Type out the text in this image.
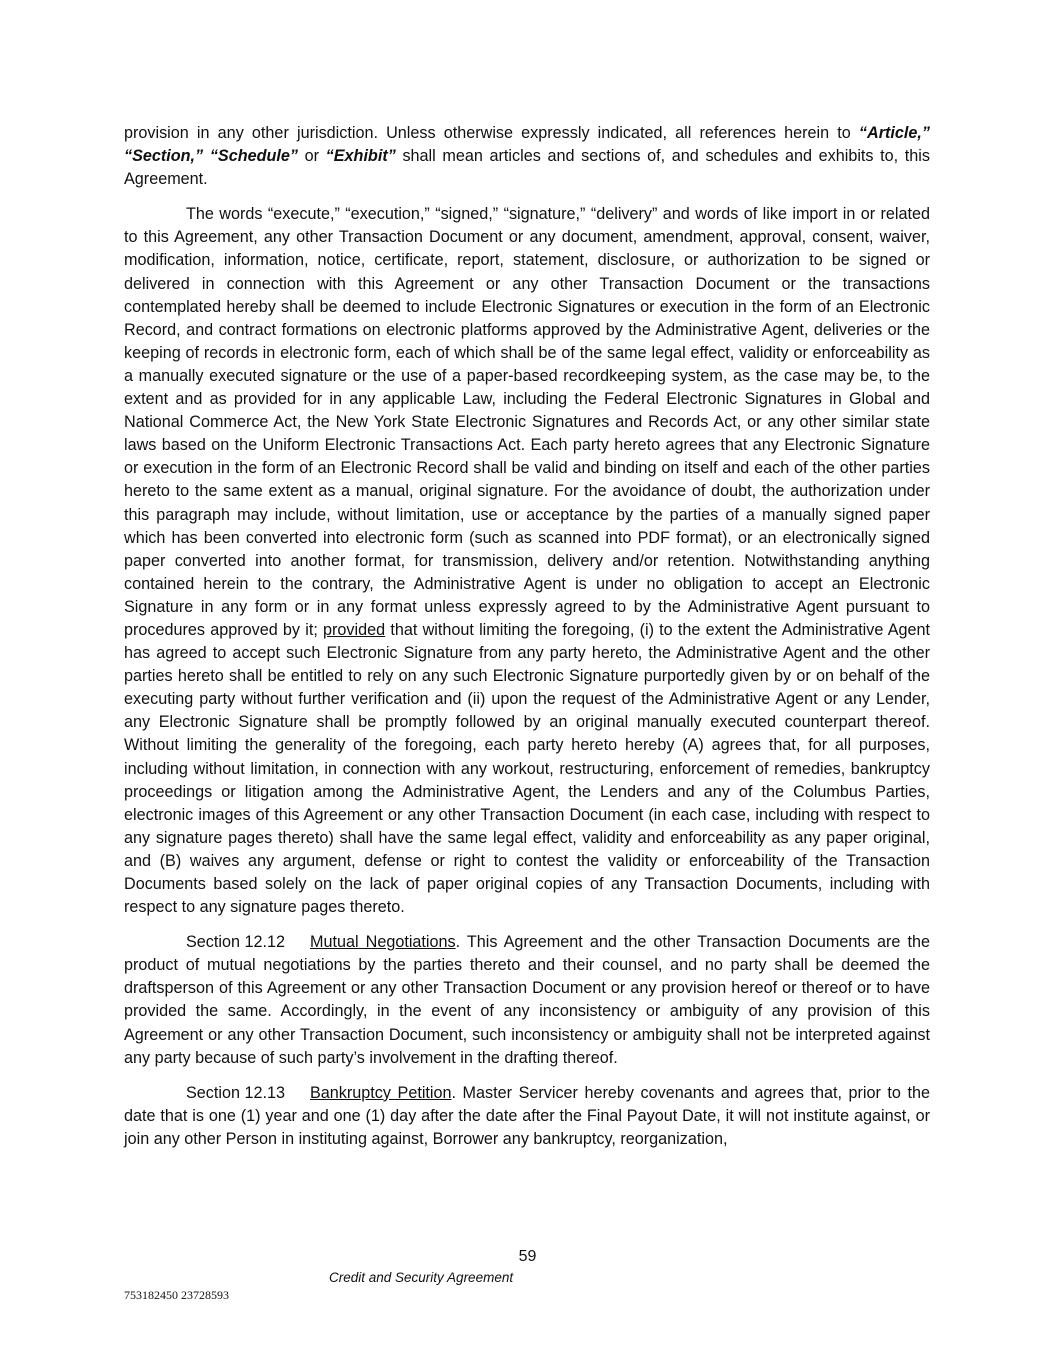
provision in any other jurisdiction. Unless otherwise expressly indicated, all references herein to “Article,” “Section,” “Schedule” or “Exhibit” shall mean articles and sections of, and schedules and exhibits to, this Agreement.

The words “execute,” “execution,” “signed,” “signature,” “delivery” and words of like import in or related to this Agreement, any other Transaction Document or any document, amendment, approval, consent, waiver, modification, information, notice, certificate, report, statement, disclosure, or authorization to be signed or delivered in connection with this Agreement or any other Transaction Document or the transactions contemplated hereby shall be deemed to include Electronic Signatures or execution in the form of an Electronic Record, and contract formations on electronic platforms approved by the Administrative Agent, deliveries or the keeping of records in electronic form, each of which shall be of the same legal effect, validity or enforceability as a manually executed signature or the use of a paper-based recordkeeping system, as the case may be, to the extent and as provided for in any applicable Law, including the Federal Electronic Signatures in Global and National Commerce Act, the New York State Electronic Signatures and Records Act, or any other similar state laws based on the Uniform Electronic Transactions Act. Each party hereto agrees that any Electronic Signature or execution in the form of an Electronic Record shall be valid and binding on itself and each of the other parties hereto to the same extent as a manual, original signature. For the avoidance of doubt, the authorization under this paragraph may include, without limitation, use or acceptance by the parties of a manually signed paper which has been converted into electronic form (such as scanned into PDF format), or an electronically signed paper converted into another format, for transmission, delivery and/or retention. Notwithstanding anything contained herein to the contrary, the Administrative Agent is under no obligation to accept an Electronic Signature in any form or in any format unless expressly agreed to by the Administrative Agent pursuant to procedures approved by it; provided that without limiting the foregoing, (i) to the extent the Administrative Agent has agreed to accept such Electronic Signature from any party hereto, the Administrative Agent and the other parties hereto shall be entitled to rely on any such Electronic Signature purportedly given by or on behalf of the executing party without further verification and (ii) upon the request of the Administrative Agent or any Lender, any Electronic Signature shall be promptly followed by an original manually executed counterpart thereof. Without limiting the generality of the foregoing, each party hereto hereby (A) agrees that, for all purposes, including without limitation, in connection with any workout, restructuring, enforcement of remedies, bankruptcy proceedings or litigation among the Administrative Agent, the Lenders and any of the Columbus Parties, electronic images of this Agreement or any other Transaction Document (in each case, including with respect to any signature pages thereto) shall have the same legal effect, validity and enforceability as any paper original, and (B) waives any argument, defense or right to contest the validity or enforceability of the Transaction Documents based solely on the lack of paper original copies of any Transaction Documents, including with respect to any signature pages thereto.

Section 12.12 Mutual Negotiations. This Agreement and the other Transaction Documents are the product of mutual negotiations by the parties thereto and their counsel, and no party shall be deemed the draftsperson of this Agreement or any other Transaction Document or any provision hereof or thereof or to have provided the same. Accordingly, in the event of any inconsistency or ambiguity of any provision of this Agreement or any other Transaction Document, such inconsistency or ambiguity shall not be interpreted against any party because of such party’s involvement in the drafting thereof.

Section 12.13 Bankruptcy Petition. Master Servicer hereby covenants and agrees that, prior to the date that is one (1) year and one (1) day after the date after the Final Payout Date, it will not institute against, or join any other Person in instituting against, Borrower any bankruptcy, reorganization,

59
Credit and Security Agreement
753182450 23728593
